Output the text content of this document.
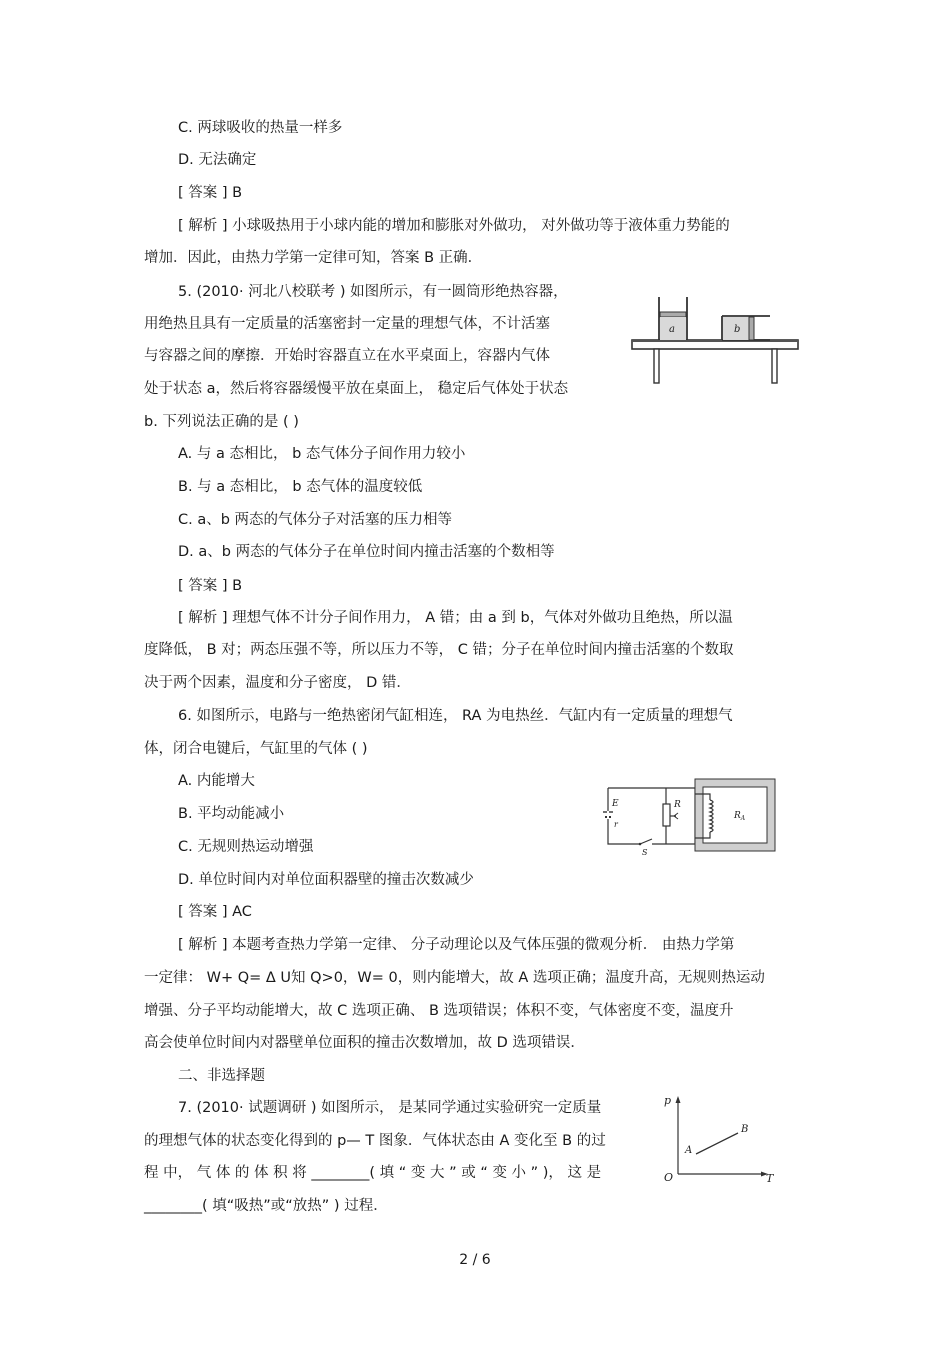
C. 两球吸收的热量一样多
D. 无法确定
[ 答案 ] B
[ 解析 ] 小球吸热用于小球内能的增加和膨胀对外做功， 对外做功等于液体重力势能的
增加．因此，由热力学第一定律可知，答案 B 正确．
5. (2010· 河北八校联考 ) 如图所示，有一圆筒形绝热容器，
用绝热且具有一定质量的活塞密封一定量的理想气体，不计活塞
与容器之间的摩擦．开始时容器直立在水平桌面上，容器内气体
处于状态 a，然后将容器缓慢平放在桌面上， 稳定后气体处于状态
b. 下列说法正确的是 ( )
a	b
A. 与 a 态相比， b 态气体分子间作用力较小
B. 与 a 态相比， b 态气体的温度较低
C. a、b 两态的气体分子对活塞的压力相等
D. a、b 两态的气体分子在单位时间内撞击活塞的个数相等
[ 答案 ] B
[ 解析 ] 理想气体不计分子间作用力， A 错；由 a 到 b，气体对外做功且绝热，所以温
度降低， B 对；两态压强不等，所以压力不等， C 错；分子在单位时间内撞击活塞的个数取
决于两个因素，温度和分子密度， D 错．
6. 如图所示，电路与一绝热密闭气缸相连， RA 为电热丝．气缸内有一定质量的理想气
体，闭合电键后，气缸里的气体 ( )
A. 内能增大
B. 平均动能减小
C. 无规则热运动增强
D. 单位时间内对单位面积器壁的撞击次数减少
E
r
S
R
$R_A$
[ 答案 ] AC
[ 解析 ] 本题考查热力学第一定律、 分子动理论以及气体压强的微观分析． 由热力学第
一定律： W+ Q= Δ U知 Q>0，W= 0，则内能增大，故 A 选项正确；温度升高，无规则热运动
增强、分子平均动能增大，故 C 选项正确、 B 选项错误；体积不变，气体密度不变，温度升
高会使单位时间内对器壁单位面积的撞击次数增加，故 D 选项错误．
二、非选择题
7. (2010· 试题调研 ) 如图所示， 是某同学通过实验研究一定质量
的理想气体的状态变化得到的 p— T 图象．气体状态由 A 变化至 B 的过
程 中， 气 体 的 体 积 将 ________( 填 “ 变 大 ” 或 “ 变 小 ” )， 这 是
________( 填“吸热”或“放热” ) 过程．
p
T
O
A
B
2 / 6
